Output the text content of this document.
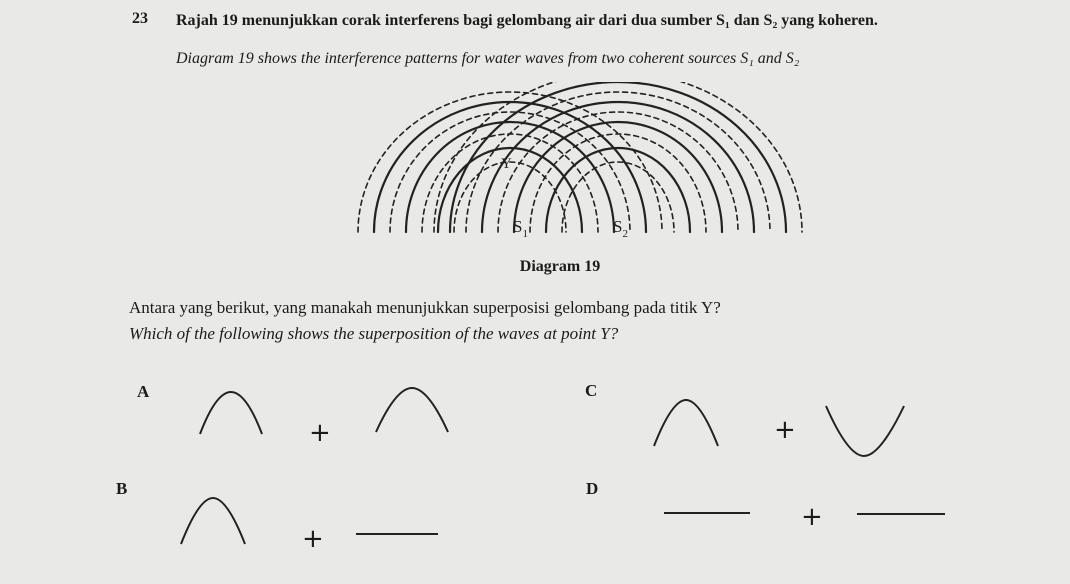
23 Rajah 19 menunjukkan corak interferens bagi gelombang air dari dua sumber S₁ dan S₂ yang koheren.
Diagram 19 shows the interference patterns for water waves from two coherent sources S₁ and S₂
Y
$S_1$	$S_2$
Diagram 19
Antara yang berikut, yang manakah menunjukkan superposisi gelombang pada titik Y?
Which of the following shows the superposition of the waves at point Y?
A
+
B
+
C
+
D
+
